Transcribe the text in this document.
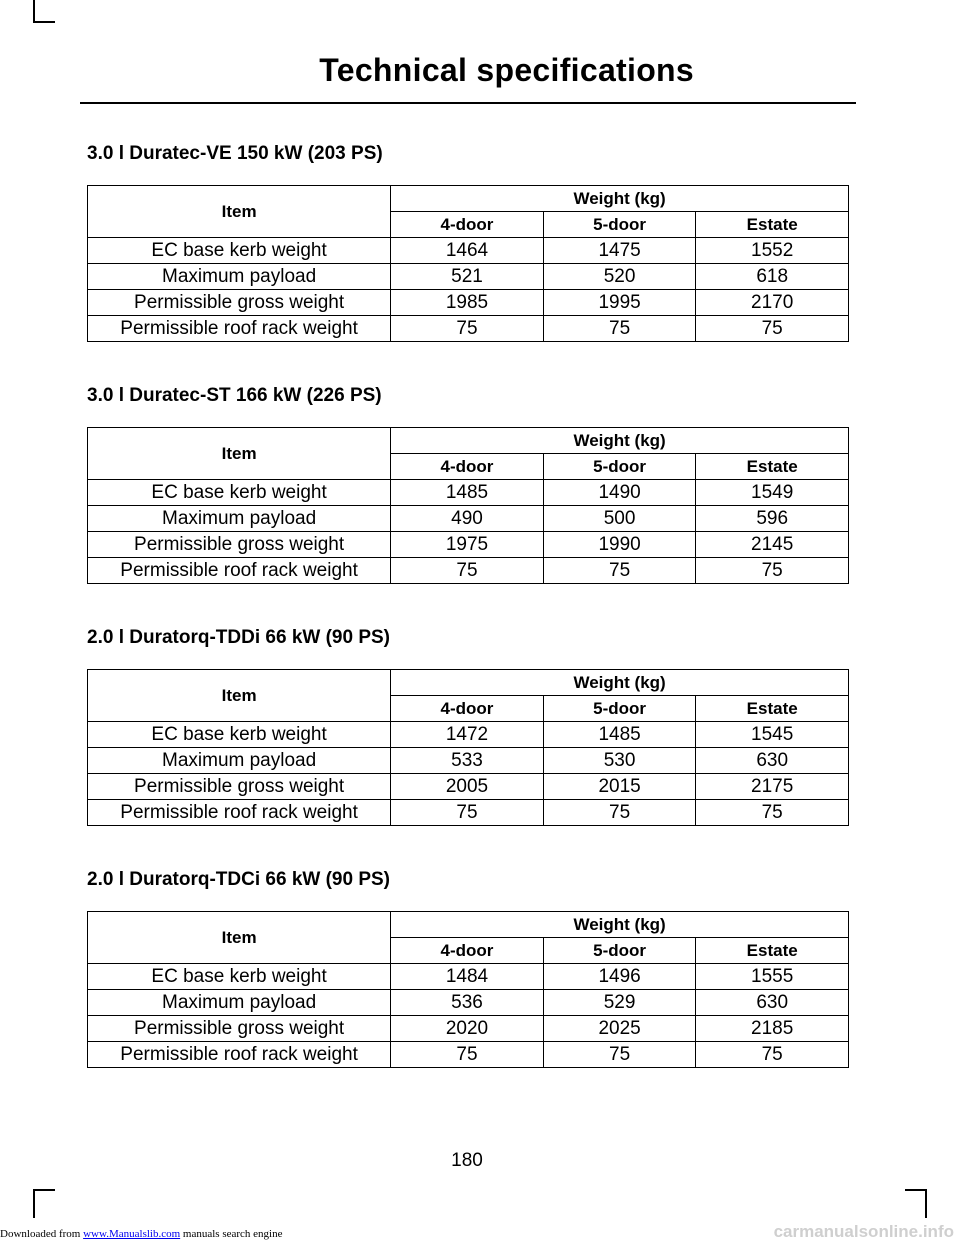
Technical specifications
3.0 l Duratec-VE 150 kW (203 PS)
Item	Weight (kg)		
	4-door	5-door	Estate
EC base kerb weight	1464	1475	1552
Maximum payload	521	520	618
Permissible gross weight	1985	1995	2170
Permissible roof rack weight	75	75	75
3.0 l Duratec-ST 166 kW (226 PS)
Item	Weight (kg)		
	4-door	5-door	Estate
EC base kerb weight	1485	1490	1549
Maximum payload	490	500	596
Permissible gross weight	1975	1990	2145
Permissible roof rack weight	75	75	75
2.0 l Duratorq-TDDi 66 kW (90 PS)
Item	Weight (kg)		
	4-door	5-door	Estate
EC base kerb weight	1472	1485	1545
Maximum payload	533	530	630
Permissible gross weight	2005	2015	2175
Permissible roof rack weight	75	75	75
2.0 l Duratorq-TDCi 66 kW (90 PS)
Item	Weight (kg)		
	4-door	5-door	Estate
EC base kerb weight	1484	1496	1555
Maximum payload	536	529	630
Permissible gross weight	2020	2025	2185
Permissible roof rack weight	75	75	75
180
Downloaded from www.Manualslib.com manuals search engine	carmanualsonline.info
